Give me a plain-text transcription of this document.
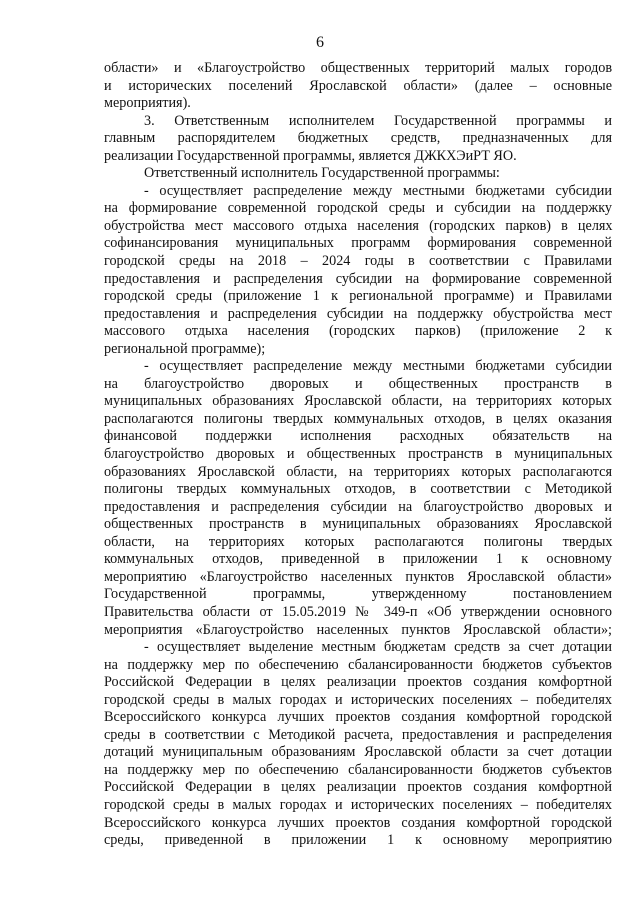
6
области» и «Благоустройство общественных территорий малых городов
и исторических поселений Ярославской области» (далее – основные
мероприятия).
3. Ответственным исполнителем Государственной программы и
главным распорядителем бюджетных средств, предназначенных для
реализации Государственной программы, является ДЖКХЭиРТ ЯО.
Ответственный исполнитель Государственной программы:
- осуществляет распределение между местными бюджетами субсидии
на формирование современной городской среды и субсидии на поддержку
обустройства мест массового отдыха населения (городских парков) в целях
софинансирования муниципальных программ формирования современной
городской среды на 2018 – 2024 годы в соответствии с Правилами
предоставления и распределения субсидии на формирование современной
городской среды (приложение 1 к региональной программе) и Правилами
предоставления и распределения субсидии на поддержку обустройства мест
массового отдыха населения (городских парков) (приложение 2 к
региональной программе);
- осуществляет распределение между местными бюджетами субсидии
на благоустройство дворовых и общественных пространств в
муниципальных образованиях Ярославской области, на территориях которых
располагаются полигоны твердых коммунальных отходов, в целях оказания
финансовой поддержки исполнения расходных обязательств на
благоустройство дворовых и общественных пространств в муниципальных
образованиях Ярославской области, на территориях которых располагаются
полигоны твердых коммунальных отходов, в соответствии с Методикой
предоставления и распределения субсидии на благоустройство дворовых и
общественных пространств в муниципальных образованиях Ярославской
области, на территориях которых располагаются полигоны твердых
коммунальных отходов, приведенной в приложении 1 к основному
мероприятию «Благоустройство населенных пунктов Ярославской области»
Государственной программы, утвержденному постановлением
Правительства области от 15.05.2019 № 349-п «Об утверждении основного
мероприятия «Благоустройство населенных пунктов Ярославской области»;
- осуществляет выделение местным бюджетам средств за счет дотации
на поддержку мер по обеспечению сбалансированности бюджетов субъектов
Российской Федерации в целях реализации проектов создания комфортной
городской среды в малых городах и исторических поселениях – победителях
Всероссийского конкурса лучших проектов создания комфортной городской
среды в соответствии с Методикой расчета, предоставления и распределения
дотаций муниципальным образованиям Ярославской области за счет дотации
на поддержку мер по обеспечению сбалансированности бюджетов субъектов
Российской Федерации в целях реализации проектов создания комфортной
городской среды в малых городах и исторических поселениях – победителях
Всероссийского конкурса лучших проектов создания комфортной городской
среды, приведенной в приложении 1 к основному мероприятию
